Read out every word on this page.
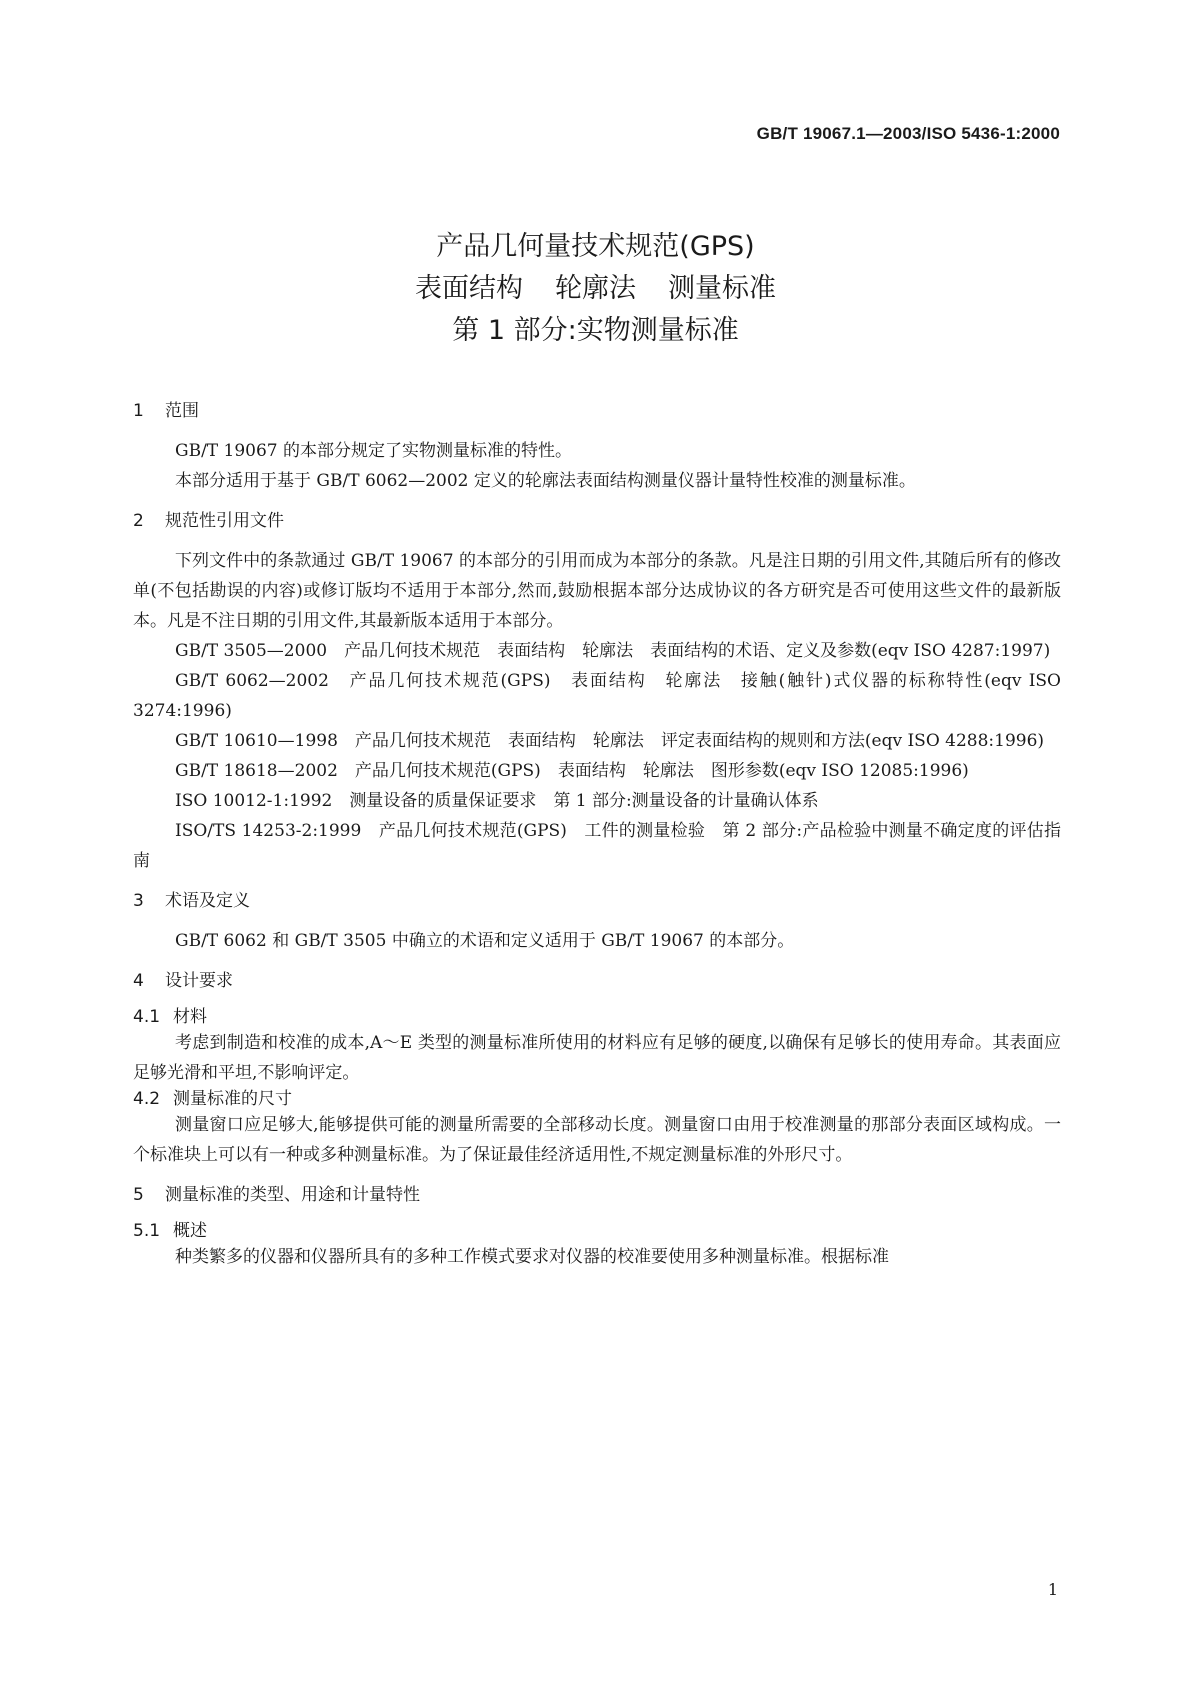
GB/T 19067.1—2003/ISO 5436-1:2000
产品几何量技术规范(GPS)
表面结构 轮廓法 测量标准
第 1 部分:实物测量标准
1 范围

GB/T 19067 的本部分规定了实物测量标准的特性。

本部分适用于基于 GB/T 6062—2002 定义的轮廓法表面结构测量仪器计量特性校准的测量标准。

2 规范性引用文件

下列文件中的条款通过 GB/T 19067 的本部分的引用而成为本部分的条款。凡是注日期的引用文件,其随后所有的修改单(不包括勘误的内容)或修订版均不适用于本部分,然而,鼓励根据本部分达成协议的各方研究是否可使用这些文件的最新版本。凡是不注日期的引用文件,其最新版本适用于本部分。

GB/T 3505—2000　产品几何技术规范　表面结构　轮廓法　表面结构的术语、定义及参数(eqv ISO 4287:1997)

GB/T 6062—2002　产品几何技术规范(GPS)　表面结构　轮廓法　接触(触针)式仪器的标称特性(eqv ISO 3274:1996)

GB/T 10610—1998　产品几何技术规范　表面结构　轮廓法　评定表面结构的规则和方法(eqv ISO 4288:1996)

GB/T 18618—2002　产品几何技术规范(GPS)　表面结构　轮廓法　图形参数(eqv ISO 12085:1996)

ISO 10012-1:1992　测量设备的质量保证要求　第 1 部分:测量设备的计量确认体系

ISO/TS 14253-2:1999　产品几何技术规范(GPS)　工件的测量检验　第 2 部分:产品检验中测量不确定度的评估指南

3 术语及定义

GB/T 6062 和 GB/T 3505 中确立的术语和定义适用于 GB/T 19067 的本部分。

4 设计要求
4.1 材料

考虑到制造和校准的成本,A～E 类型的测量标准所使用的材料应有足够的硬度,以确保有足够长的使用寿命。其表面应足够光滑和平坦,不影响评定。

4.2 测量标准的尺寸

测量窗口应足够大,能够提供可能的测量所需要的全部移动长度。测量窗口由用于校准测量的那部分表面区域构成。一个标准块上可以有一种或多种测量标准。为了保证最佳经济适用性,不规定测量标准的外形尺寸。

5 测量标准的类型、用途和计量特性
5.1 概述

种类繁多的仪器和仪器所具有的多种工作模式要求对仪器的校准要使用多种测量标准。根据标准

1
